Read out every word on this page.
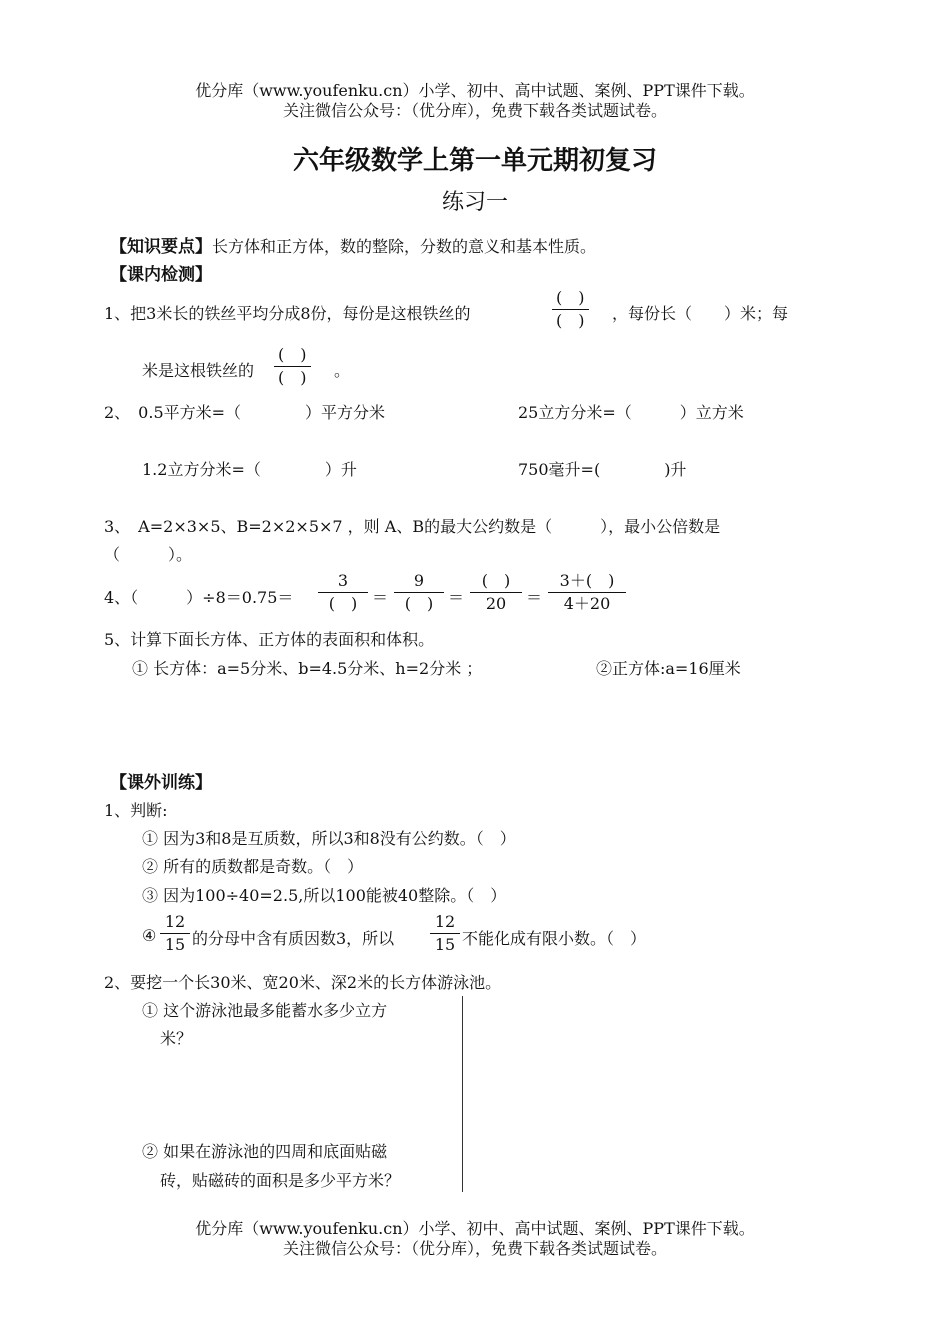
优分库（www.youfenku.cn）小学、初中、高中试题、案例、PPT课件下载。
关注微信公众号：（优分库），免费下载各类试题试卷。
六年级数学上第一单元期初复习
练习一
【知识要点】长方体和正方体，数的整除，分数的意义和基本性质。
【课内检测】
1、把3米长的铁丝平均分成8份，每份是这根铁丝的
(　)
(　) ，每份长（　　）米；每
米是这根铁丝的
(　)
(　) 。
2、　0.5平方米=（　　　　）平方分米	25立方分米=（　　　）立方米
1.2立方分米=（　　　　）升	750毫升=(　　　　)升
3、　A=2×3×5、B=2×2×5×7 ，则 A、B的最大公约数是（　　　），最小公倍数是
（　　　）。
4、（　　　）÷8＝0.75＝
3
(　) ＝
9
(　) ＝
(　)
20	＝ $\frac{3+( )}{4+20}$
5、计算下面长方体、正方体的表面积和体积。
① 长方体：a=5分米、b=4.5分米、h=2分米 ；	②正方体:a=16厘米
【课外训练】
1、判断:
① 因为3和8是互质数，所以3和8没有公约数。（　）
② 所有的质数都是奇数。（　）
③ 因为100÷40=2.5,所以100能被40整除。（　）
④ $\frac{12}{15}$ 的分母中含有质因数3，所以 $\frac{12}{15}$ 不能化成有限小数。（　）
2、要挖一个长30米、宽20米、深2米的长方体游泳池。
① 这个游泳池最多能蓄水多少立方
米？
② 如果在游泳池的四周和底面贴磁
砖，贴磁砖的面积是多少平方米？
优分库（www.youfenku.cn）小学、初中、高中试题、案例、PPT课件下载。
关注微信公众号：（优分库），免费下载各类试题试卷。
